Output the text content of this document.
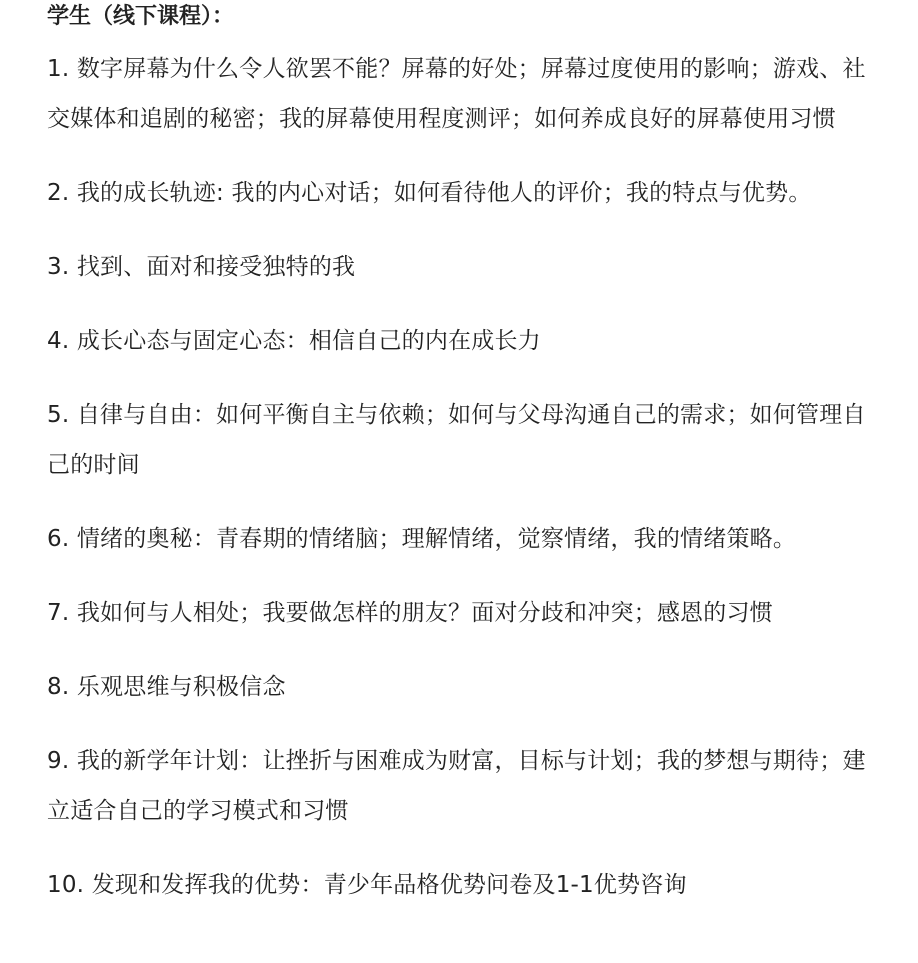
学生（线下课程）：

1. 数字屏幕为什么令人欲罢不能？屏幕的好处；屏幕过度使用的影响；游戏、社交媒体和追剧的秘密；我的屏幕使用程度测评；如何养成良好的屏幕使用习惯

2. 我的成长轨迹: 我的内心对话；如何看待他人的评价；我的特点与优势。

3. 找到、面对和接受独特的我

4. 成长心态与固定心态：相信自己的内在成长力

5. 自律与自由：如何平衡自主与依赖；如何与父母沟通自己的需求；如何管理自己的时间

6. 情绪的奥秘：青春期的情绪脑；理解情绪，觉察情绪，我的情绪策略。

7. 我如何与人相处；我要做怎样的朋友？面对分歧和冲突；感恩的习惯

8. 乐观思维与积极信念

9. 我的新学年计划：让挫折与困难成为财富，目标与计划；我的梦想与期待；建立适合自己的学习模式和习惯

10. 发现和发挥我的优势：青少年品格优势问卷及1-1优势咨询
